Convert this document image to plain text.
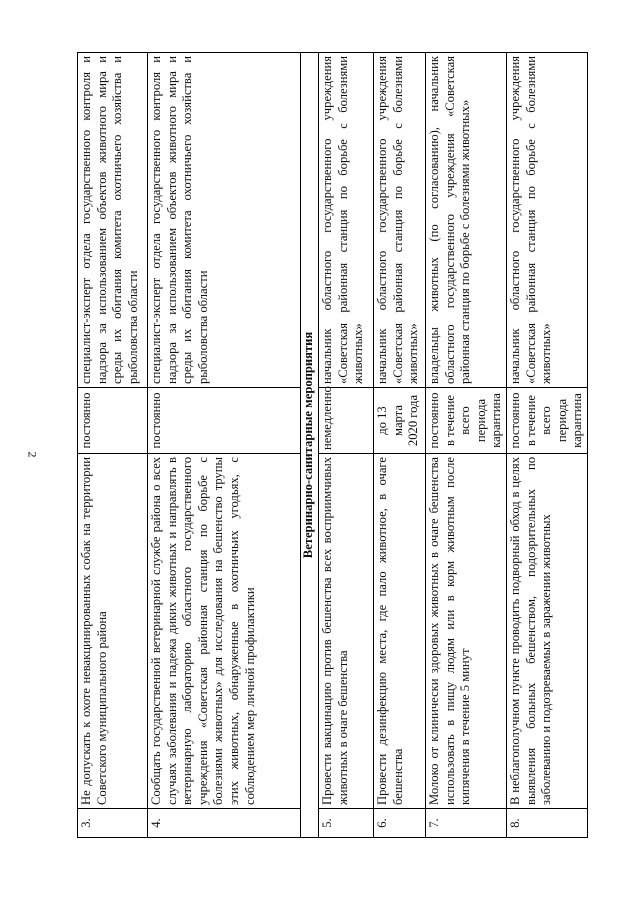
2
3.	Не допускать к охоте невакцинированных собак на территории Советского муниципального района	постоянно	специалист-эксперт отдела государственного контроля и надзора за использованием объектов животного мира и среды их обитания комитета охотничьего хозяйства и рыболовства области
4.	Сообщать государственной ветеринарной службе района о всех случаях заболевания и падежа диких животных и направлять в ветеринарную лабораторию областного государственного учреждения «Советская районная станция по борьбе с болезнями животных» для исследования на бешенство трупы этих животных, обнаруженные в охотничьих угодьях, с соблюдением мер личной профилактики	постоянно	специалист-эксперт отдела государственного контроля и надзора за использованием объектов животного мира и среды их обитания комитета охотничьего хозяйства и рыболовства области
Ветеринарно-санитарные мероприятия			
5.	Провести вакцинацию против бешенства всех восприимчивых животных в очаге бешенства	немедленно	начальник областного государственного учреждения «Советская районная станция по борьбе с болезнями животных»
6.	Провести дезинфекцию места, где пало животное, в очаге бешенства	до 13 марта 2020 года	начальник областного государственного учреждения «Советская районная станция по борьбе с болезнями животных»
7.	Молоко от клинически здоровых животных в очаге бешенства использовать в пищу людям или в корм животным после кипячения в течение 5 минут	постоянно в течение всего периода карантина	владельцы животных (по согласованию), начальник областного государственного учреждения «Советская районная станция по борьбе с болезнями животных»
8.	В неблагополучном пункте проводить подворный обход в целях выявления больных бешенством, подозрительных по заболеванию и подозреваемых в заражении животных	постоянно в течение всего периода карантина	начальник областного государственного учреждения «Советская районная станция по борьбе с болезнями животных»
